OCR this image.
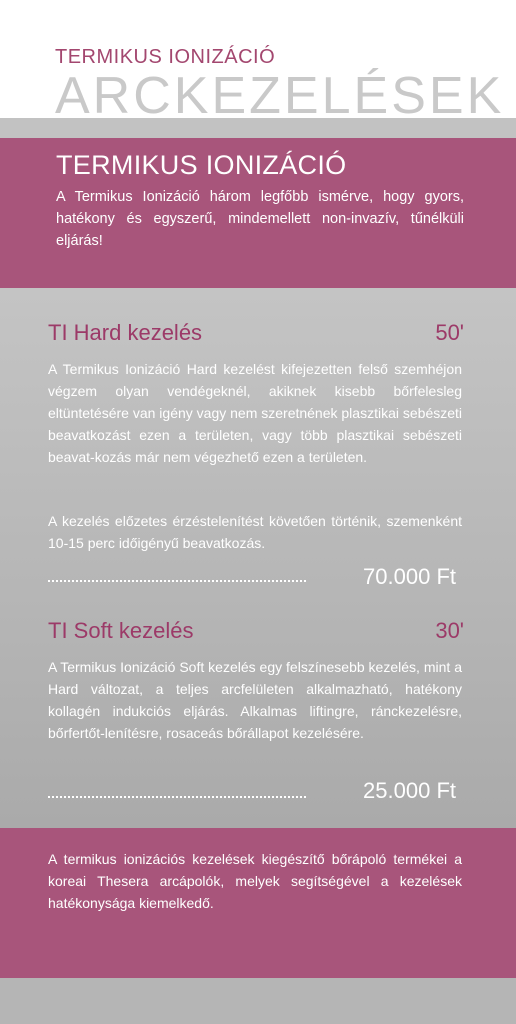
TERMIKUS IONIZÁCIÓ
ARCKEZELÉSEK
TERMIKUS IONIZÁCIÓ
A Termikus Ionizáció három legfőbb ismérve, hogy gyors, hatékony és egyszerű, mindemellett non-invazív, tűnélküli eljárás!
TI Hard kezelés	50'
A Termikus Ionizáció Hard kezelést kifejezetten felső szemhéjon végzem olyan vendégeknél, akiknek kisebb bőrfelesleg eltüntetésére van igény vagy nem szeretnének plasztikai sebészeti beavatkozást ezen a területen, vagy több plasztikai sebészeti beavat-kozás már nem végezhető ezen a területen.
A kezelés előzetes érzéstelenítést követően történik, szemenként 10-15 perc időigényű beavatkozás.
70.000 Ft
TI Soft kezelés	30'
A Termikus Ionizáció Soft kezelés egy felszínesebb kezelés, mint a Hard változat, a teljes arcfelületen alkalmazható, hatékony kollagén indukciós eljárás. Alkalmas liftingre, ránckezelésre, bőrfertőt-lenítésre, rosaceás bőrállapot kezelésére.
25.000 Ft
A termikus ionizációs kezelések kiegészítő bőrápoló termékei a koreai Thesera arcápolók, melyek segítségével a kezelések hatékonysága kiemelkedő.
